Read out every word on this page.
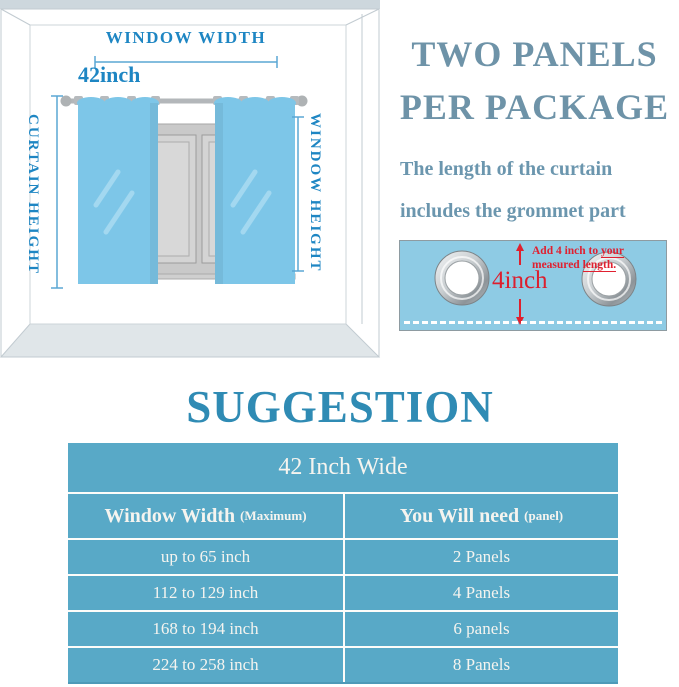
WINDOW WIDTH
42inch
CURTAIN HEIGHT	WINDOW HEIGHT
TWO PANELS
PER PACKAGE
The length of the curtain
includes the grommet part
4inch
Add 4 inch to your
measured length.
SUGGESTION
42 Inch Wide
Window Width (Maximum)	You Will need (panel)
up to 65 inch	2 Panels
112 to 129 inch	4 Panels
168 to 194 inch	6 panels
224 to 258 inch	8 Panels
